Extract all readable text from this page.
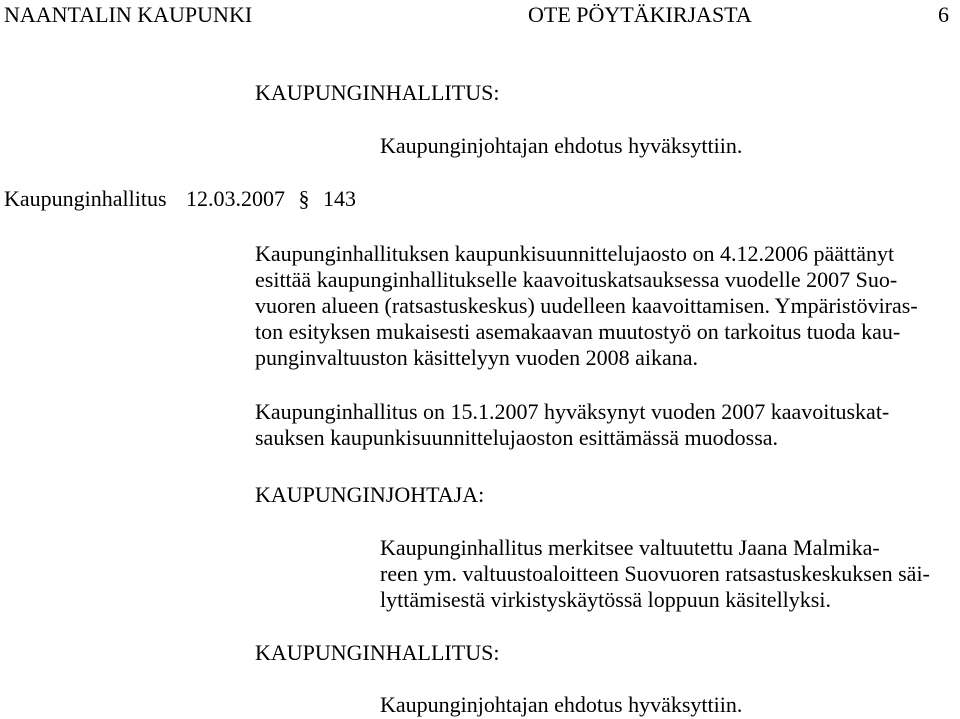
NAANTALIN KAUPUNKI	OTE PÖYTÄKIRJASTA	6
KAUPUNGINHALLITUS:
Kaupunginjohtajan ehdotus hyväksyttiin.
Kaupunginhallitus 12.03.2007 § 143

Kaupunginhallituksen kaupunkisuunnittelujaosto on 4.12.2006 päättänyt
esittää kaupunginhallitukselle kaavoituskatsauksessa vuodelle 2007 Suo-
vuoren alueen (ratsastuskeskus) uudelleen kaavoittamisen. Ympäristöviras-
ton esityksen mukaisesti asemakaavan muutostyö on tarkoitus tuoda kau-
punginvaltuuston käsittelyyn vuoden 2008 aikana.

Kaupunginhallitus on 15.1.2007 hyväksynyt vuoden 2007 kaavoituskat-
sauksen kaupunkisuunnittelujaoston esittämässä muodossa.

KAUPUNGINJOHTAJA:

Kaupunginhallitus merkitsee valtuutettu Jaana Malmika-
reen ym. valtuustoaloitteen Suovuoren ratsastuskeskuksen säi-
lyttämisestä virkistyskäytössä loppuun käsitellyksi.

KAUPUNGINHALLITUS:
Kaupunginjohtajan ehdotus hyväksyttiin.
